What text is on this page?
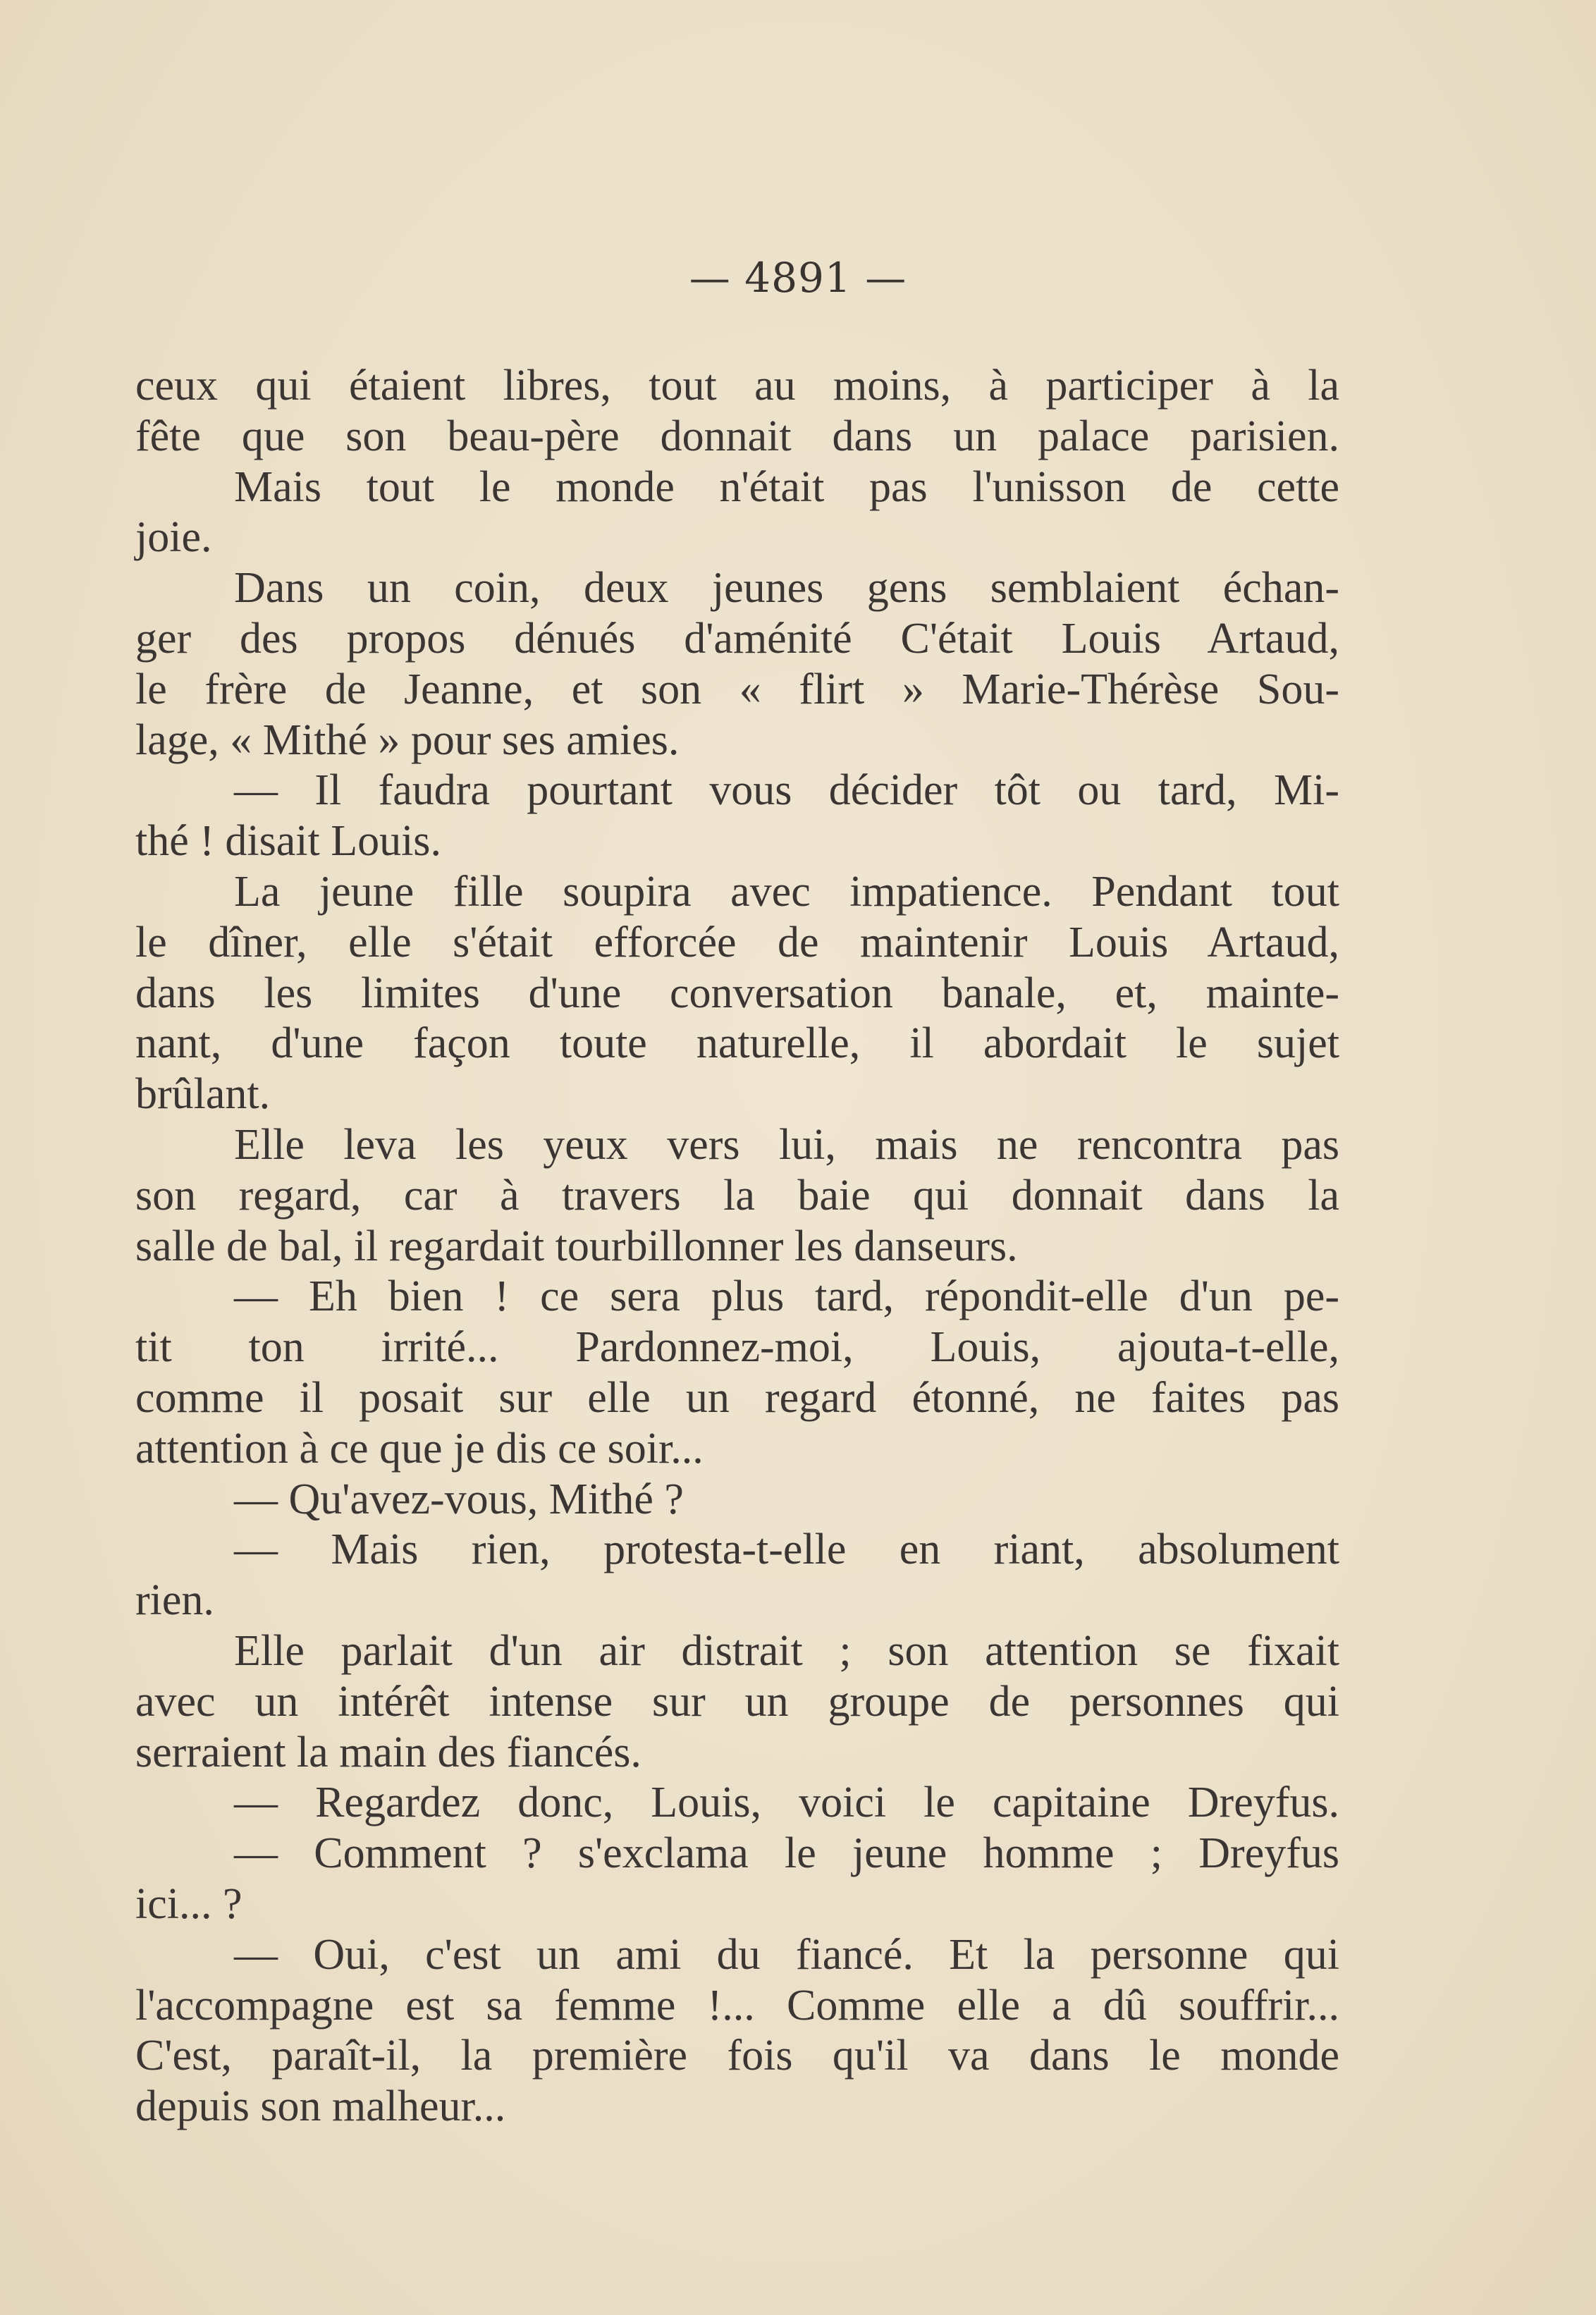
— 4891 —
ceux qui étaient libres, tout au moins, à participer à la
fête que son beau-père donnait dans un palace parisien.
Mais tout le monde n'était pas l'unisson de cette
joie.
Dans un coin, deux jeunes gens semblaient échan-
ger des propos dénués d'aménité C'était Louis Artaud,
le frère de Jeanne, et son « flirt » Marie-Thérèse Sou-
lage, « Mithé » pour ses amies.
— Il faudra pourtant vous décider tôt ou tard, Mi-
thé ! disait Louis.
La jeune fille soupira avec impatience. Pendant tout
le dîner, elle s'était efforcée de maintenir Louis Artaud,
dans les limites d'une conversation banale, et, mainte-
nant, d'une façon toute naturelle, il abordait le sujet
brûlant.
Elle leva les yeux vers lui, mais ne rencontra pas
son regard, car à travers la baie qui donnait dans la
salle de bal, il regardait tourbillonner les danseurs.
— Eh bien ! ce sera plus tard, répondit-elle d'un pe-
tit ton irrité... Pardonnez-moi, Louis, ajouta-t-elle,
comme il posait sur elle un regard étonné, ne faites pas
attention à ce que je dis ce soir...
— Qu'avez-vous, Mithé ?
— Mais rien, protesta-t-elle en riant, absolument
rien.
Elle parlait d'un air distrait ; son attention se fixait
avec un intérêt intense sur un groupe de personnes qui
serraient la main des fiancés.
— Regardez donc, Louis, voici le capitaine Dreyfus.
— Comment ? s'exclama le jeune homme ; Dreyfus
ici... ?
— Oui, c'est un ami du fiancé. Et la personne qui
l'accompagne est sa femme !... Comme elle a dû souffrir...
C'est, paraît-il, la première fois qu'il va dans le monde
depuis son malheur...
